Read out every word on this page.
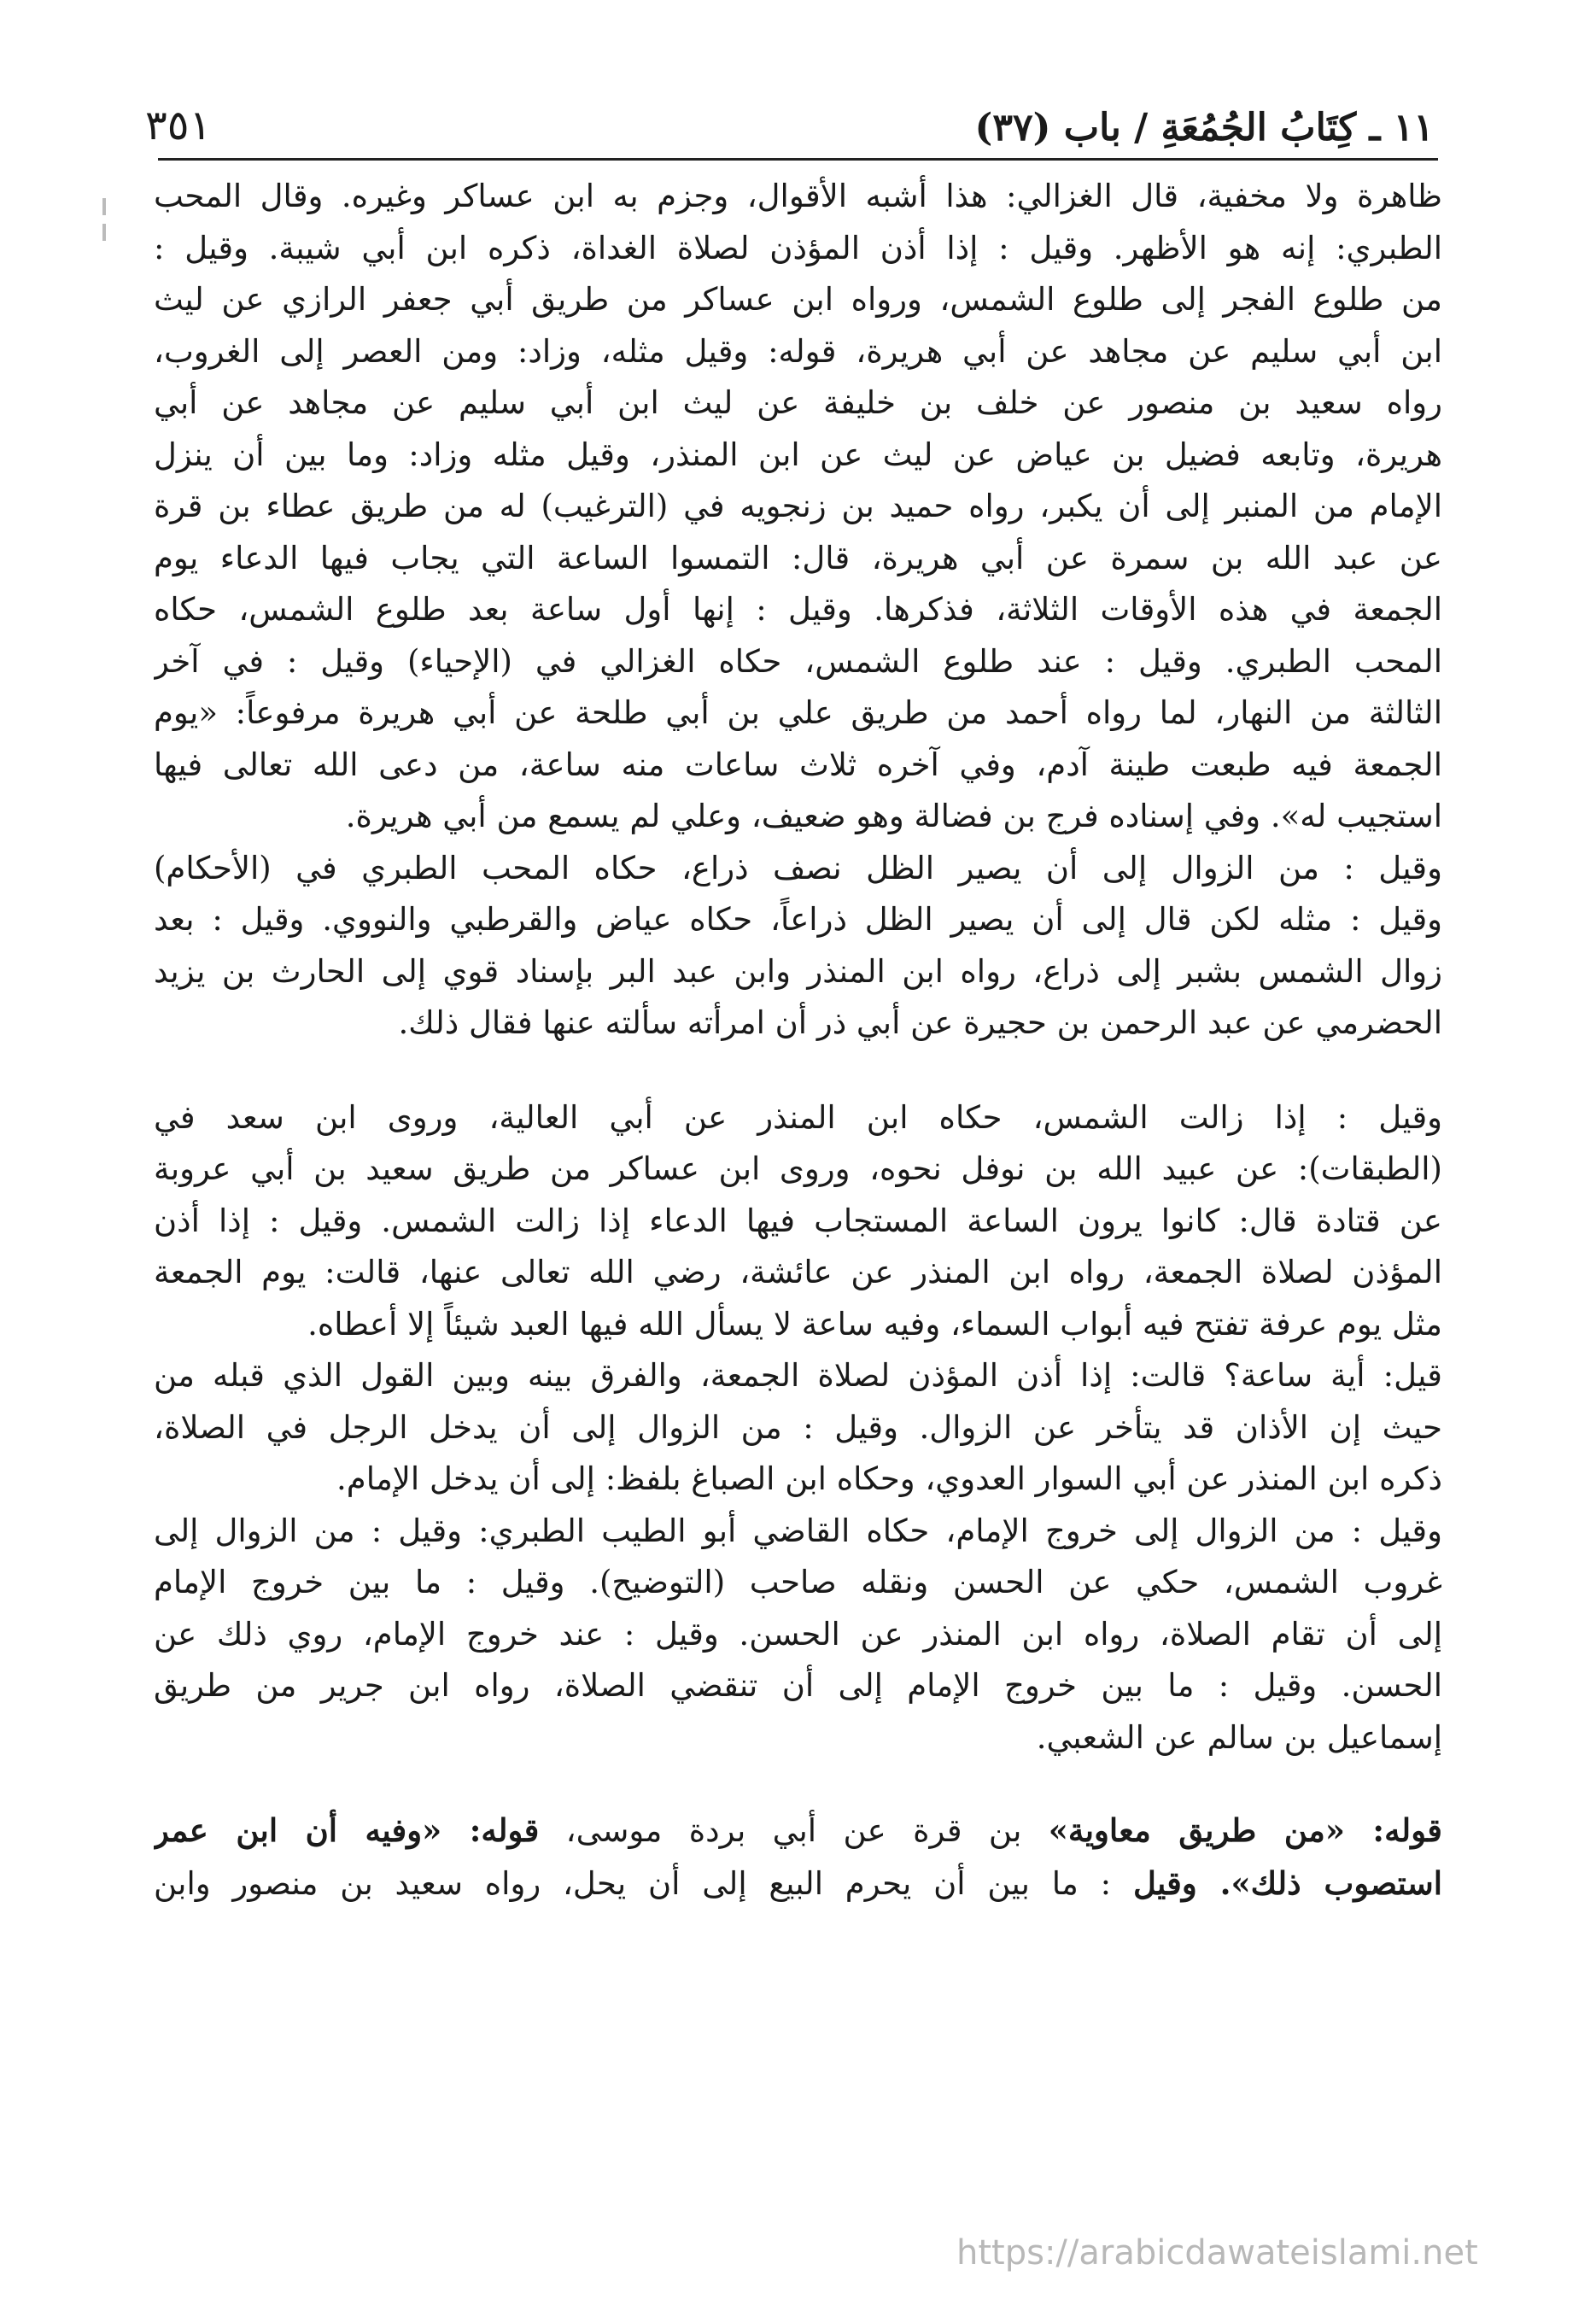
١١ ـ كِتَابُ الجُمُعَةِ / باب (٣٧)
٣٥١

ظاهرة ولا مخفية، قال الغزالي: هذا أشبه الأقوال، وجزم به ابن عساكر وغيره. وقال المحب
الطبري: إنه هو الأظهر. وقيل : إذا أذن المؤذن لصلاة الغداة، ذكره ابن أبي شيبة. وقيل :
من طلوع الفجر إلى طلوع الشمس، ورواه ابن عساكر من طريق أبي جعفر الرازي عن ليث
ابن أبي سليم عن مجاهد عن أبي هريرة، قوله: وقيل مثله، وزاد: ومن العصر إلى الغروب،
رواه سعيد بن منصور عن خلف بن خليفة عن ليث ابن أبي سليم عن مجاهد عن أبي
هريرة، وتابعه فضيل بن عياض عن ليث عن ابن المنذر، وقيل مثله وزاد: وما بين أن ينزل
الإمام من المنبر إلى أن يكبر، رواه حميد بن زنجويه في (الترغيب) له من طريق عطاء بن قرة
عن عبد الله بن سمرة عن أبي هريرة، قال: التمسوا الساعة التي يجاب فيها الدعاء يوم
الجمعة في هذه الأوقات الثلاثة، فذكرها. وقيل : إنها أول ساعة بعد طلوع الشمس، حكاه
المحب الطبري. وقيل : عند طلوع الشمس، حكاه الغزالي في (الإحياء) وقيل : في آخر
الثالثة من النهار، لما رواه أحمد من طريق علي بن أبي طلحة عن أبي هريرة مرفوعاً: «يوم
الجمعة فيه طبعت طينة آدم، وفي آخره ثلاث ساعات منه ساعة، من دعى الله تعالى فيها
استجيب له». وفي إسناده فرج بن فضالة وهو ضعيف، وعلي لم يسمع من أبي هريرة.
وقيل : من الزوال إلى أن يصير الظل نصف ذراع، حكاه المحب الطبري في (الأحكام)
وقيل : مثله لكن قال إلى أن يصير الظل ذراعاً، حكاه عياض والقرطبي والنووي. وقيل : بعد
زوال الشمس بشبر إلى ذراع، رواه ابن المنذر وابن عبد البر بإسناد قوي إلى الحارث بن يزيد
الحضرمي عن عبد الرحمن بن حجيرة عن أبي ذر أن امرأته سألته عنها فقال ذلك.

وقيل : إذا زالت الشمس، حكاه ابن المنذر عن أبي العالية، وروى ابن سعد في
(الطبقات): عن عبيد الله بن نوفل نحوه، وروى ابن عساكر من طريق سعيد بن أبي عروبة
عن قتادة قال: كانوا يرون الساعة المستجاب فيها الدعاء إذا زالت الشمس. وقيل : إذا أذن
المؤذن لصلاة الجمعة، رواه ابن المنذر عن عائشة، رضي الله تعالى عنها، قالت: يوم الجمعة
مثل يوم عرفة تفتح فيه أبواب السماء، وفيه ساعة لا يسأل الله فيها العبد شيئاً إلا أعطاه.
قيل: أية ساعة؟ قالت: إذا أذن المؤذن لصلاة الجمعة، والفرق بينه وبين القول الذي قبله من
حيث إن الأذان قد يتأخر عن الزوال. وقيل : من الزوال إلى أن يدخل الرجل في الصلاة،
ذكره ابن المنذر عن أبي السوار العدوي، وحكاه ابن الصباغ بلفظ: إلى أن يدخل الإمام.
وقيل : من الزوال إلى خروج الإمام، حكاه القاضي أبو الطيب الطبري: وقيل : من الزوال إلى
غروب الشمس، حكي عن الحسن ونقله صاحب (التوضيح). وقيل : ما بين خروج الإمام
إلى أن تقام الصلاة، رواه ابن المنذر عن الحسن. وقيل : عند خروج الإمام، روي ذلك عن
الحسن. وقيل : ما بين خروج الإمام إلى أن تنقضي الصلاة، رواه ابن جرير من طريق
إسماعيل بن سالم عن الشعبي.

قوله: «من طريق معاوية» بن قرة عن أبي بردة موسى، قوله: «وفيه أن ابن عمر
استصوب ذلك». وقيل : ما بين أن يحرم البيع إلى أن يحل، رواه سعيد بن منصور وابن

https://arabicdawateislami.net
